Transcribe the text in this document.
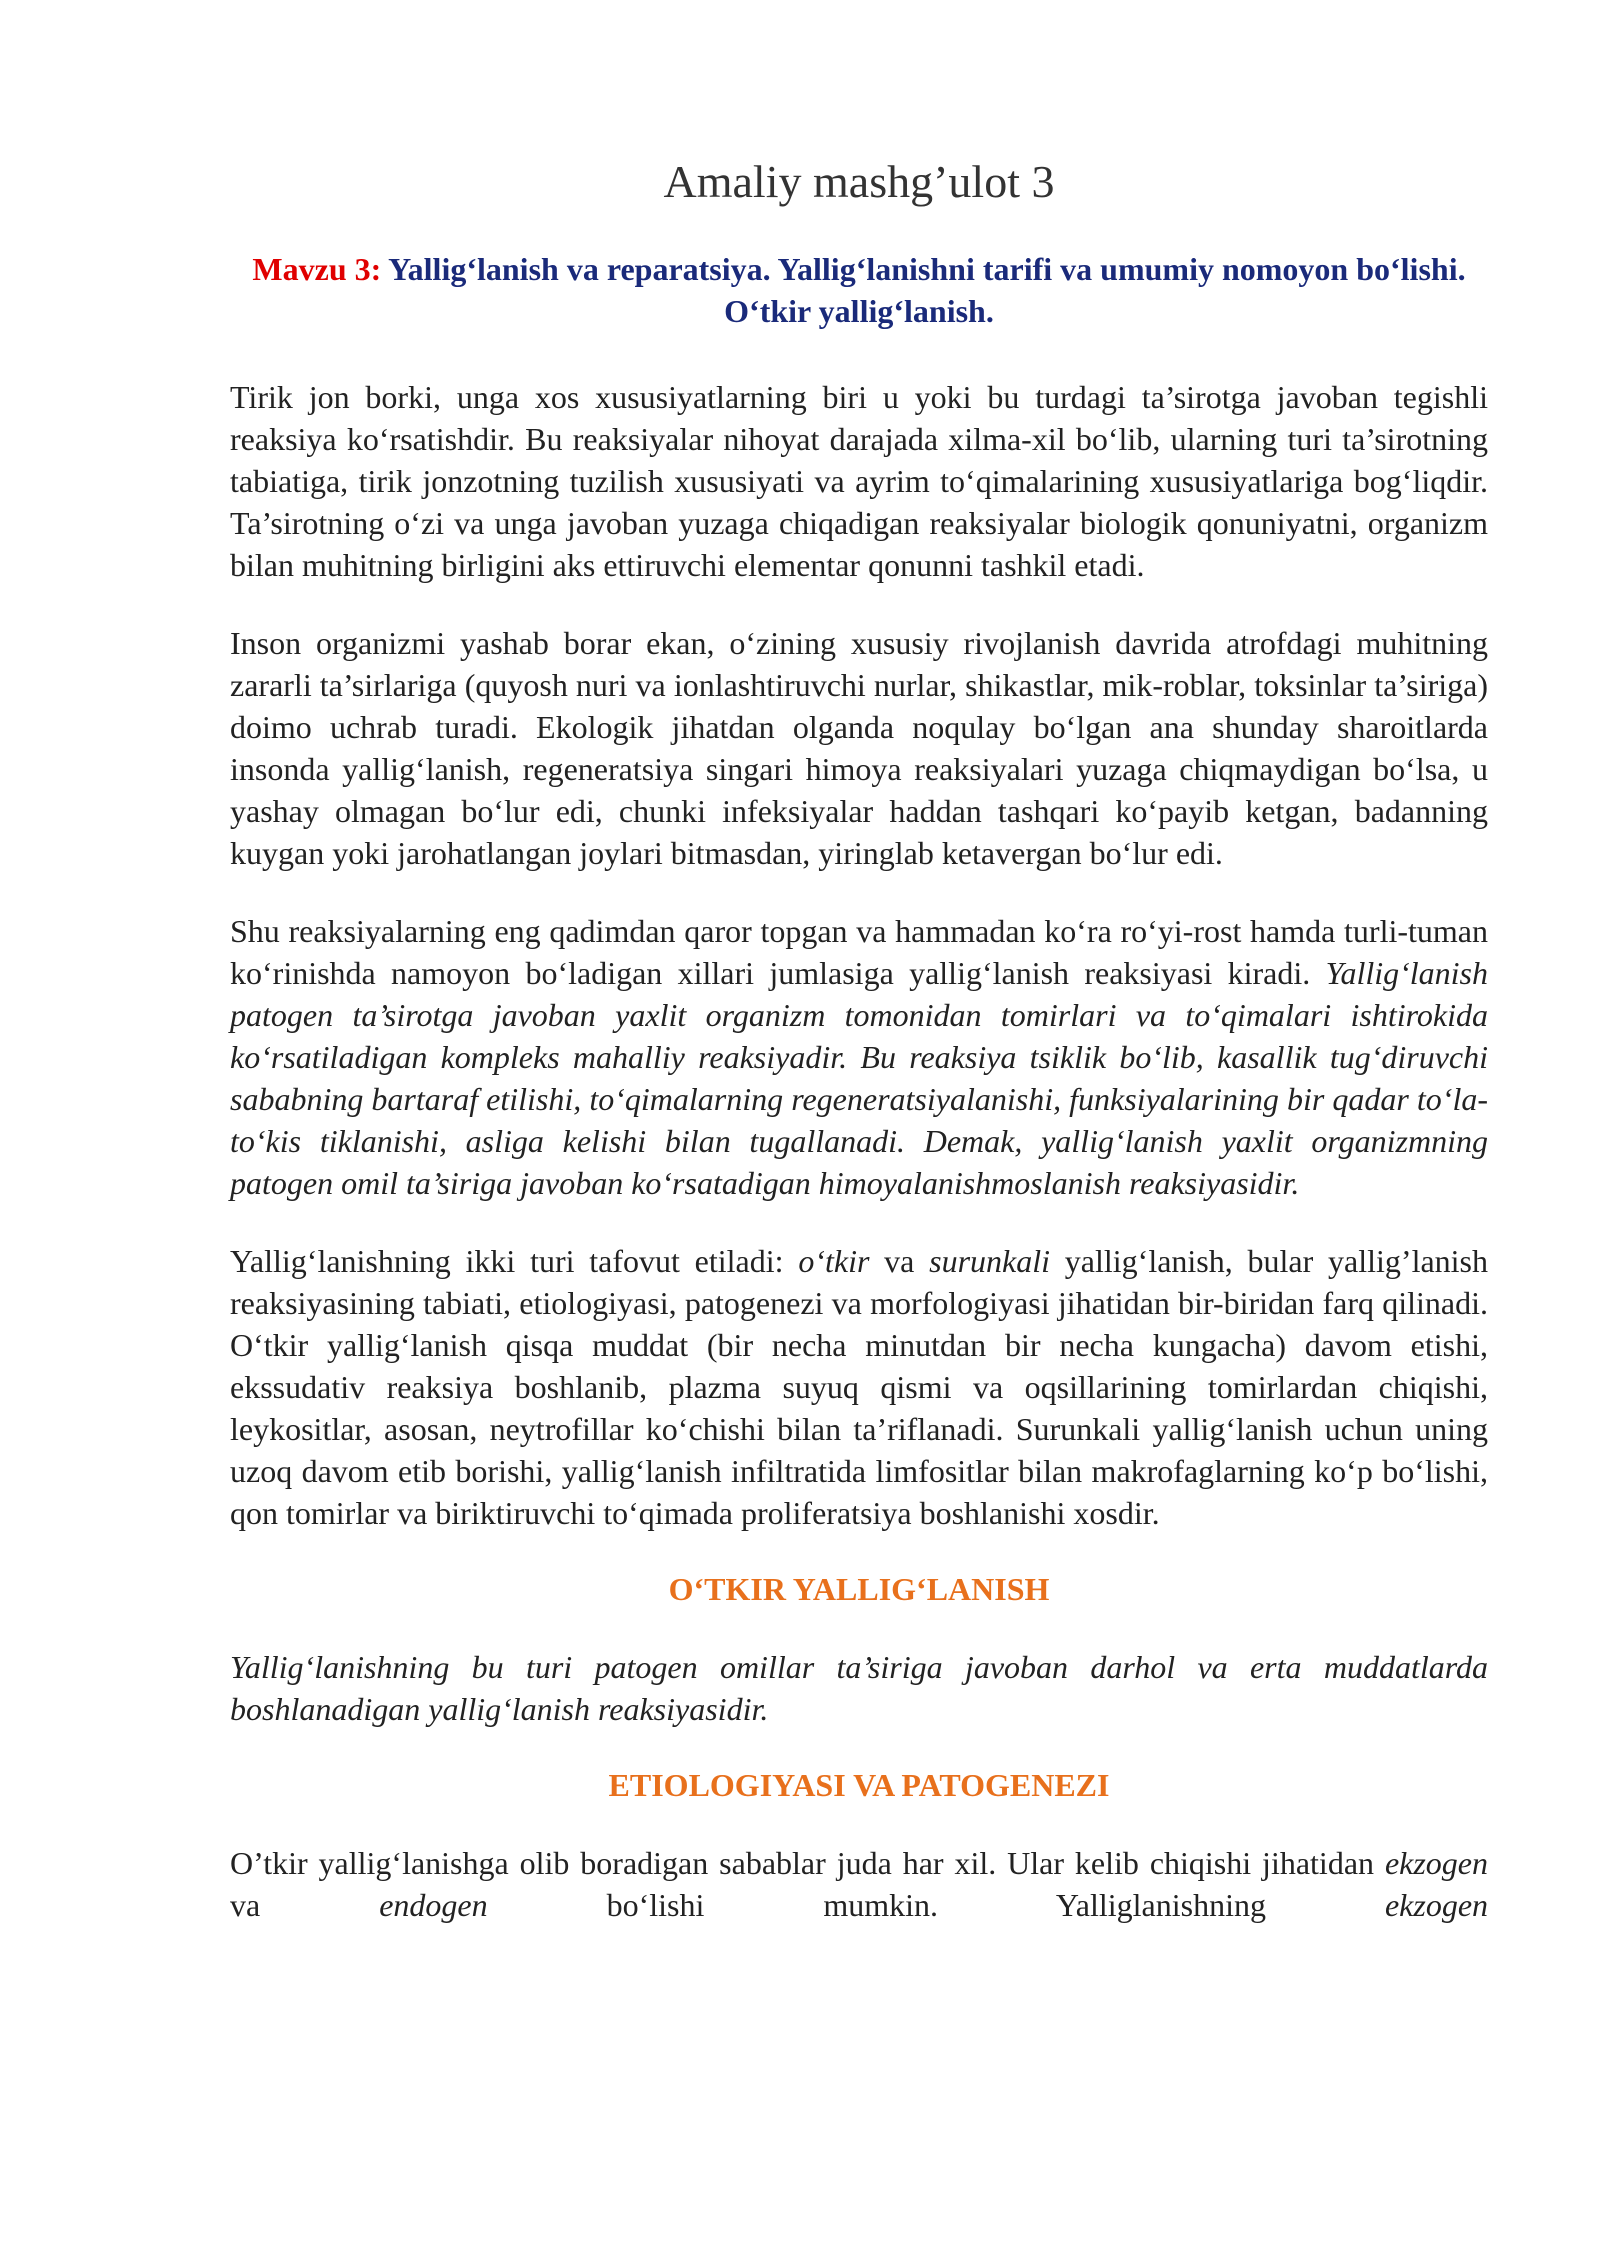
Amaliy mashg’ulot 3
Mavzu 3: Yallig‘lanish va reparatsiya. Yallig‘lanishni tarifi va umumiy nomoyon bo‘lishi. O‘tkir yallig‘lanish.

Tirik jon borki, unga xos xususiyatlarning biri u yoki bu turdagi ta’sirotga javoban tegishli reaksiya ko‘rsatishdir. Bu reaksiyalar nihoyat darajada xilma-xil bo‘lib, ularning turi ta’sirotning tabiatiga, tirik jonzotning tuzilish xususiyati va ayrim to‘qimalarining xususiyatlariga bog‘liqdir. Ta’sirotning o‘zi va unga javoban yuzaga chiqadigan reaksiyalar biologik qonuniyatni, organizm bilan muhitning birligini aks ettiruvchi elementar qonunni tashkil etadi.

Inson organizmi yashab borar ekan, o‘zining xususiy rivojlanish davrida atrofdagi muhitning zararli ta’sirlariga (quyosh nuri va ionlashtiruvchi nurlar, shikastlar, mik-roblar, toksinlar ta’siriga) doimo uchrab turadi. Ekologik jihatdan olganda noqulay bo‘lgan ana shunday sharoitlarda insonda yallig‘lanish, regeneratsiya singari himoya reaksiyalari yuzaga chiqmaydigan bo‘lsa, u yashay olmagan bo‘lur edi, chunki infeksiyalar haddan tashqari ko‘payib ketgan, badanning kuygan yoki jarohatlangan joylari bitmasdan, yiringlab ketavergan bo‘lur edi.

Shu reaksiyalarning eng qadimdan qaror topgan va hammadan ko‘ra ro‘yi-rost hamda turli-tuman ko‘rinishda namoyon bo‘ladigan xillari jumlasiga yallig‘lanish reaksiyasi kiradi. Yallig‘lanish patogen ta’sirotga javoban yaxlit organizm tomonidan tomirlari va to‘qimalari ishtirokida ko‘rsatiladigan kompleks mahalliy reaksiyadir. Bu reaksiya tsiklik bo‘lib, kasallik tug‘diruvchi sababning bartaraf etilishi, to‘qimalarning regeneratsiyalanishi, funksiyalarining bir qadar to‘la-to‘kis tiklanishi, asliga kelishi bilan tugallanadi. Demak, yallig‘lanish yaxlit organizmning patogen omil ta’siriga javoban ko‘rsatadigan himoyalanishmoslanish reaksiyasidir.

Yallig‘lanishning ikki turi tafovut etiladi: o‘tkir va surunkali yallig‘lanish, bular yallig’lanish reaksiyasining tabiati, etiologiyasi, patogenezi va morfologiyasi jihatidan bir-biridan farq qilinadi. O‘tkir yallig‘lanish qisqa muddat (bir necha minutdan bir necha kungacha) davom etishi, ekssudativ reaksiya boshlanib, plazma suyuq qismi va oqsillarining tomirlardan chiqishi, leykositlar, asosan, neytrofillar ko‘chishi bilan ta’riflanadi. Surunkali yallig‘lanish uchun uning uzoq davom etib borishi, yallig‘lanish infiltratida limfositlar bilan makrofaglarning ko‘p bo‘lishi, qon tomirlar va biriktiruvchi to‘qimada proliferatsiya boshlanishi xosdir.

O‘TKIR YALLIG‘LANISH

Yallig‘lanishning bu turi patogen omillar ta’siriga javoban darhol va erta muddatlarda boshlanadigan yallig‘lanish reaksiyasidir.

ETIOLOGIYASI VA PATOGENEZI

O’tkir yallig‘lanishga olib boradigan sabablar juda har xil. Ular kelib chiqishi jihatidan ekzogen va endogen bo‘lishi mumkin. Yalliglanishning ekzogen
